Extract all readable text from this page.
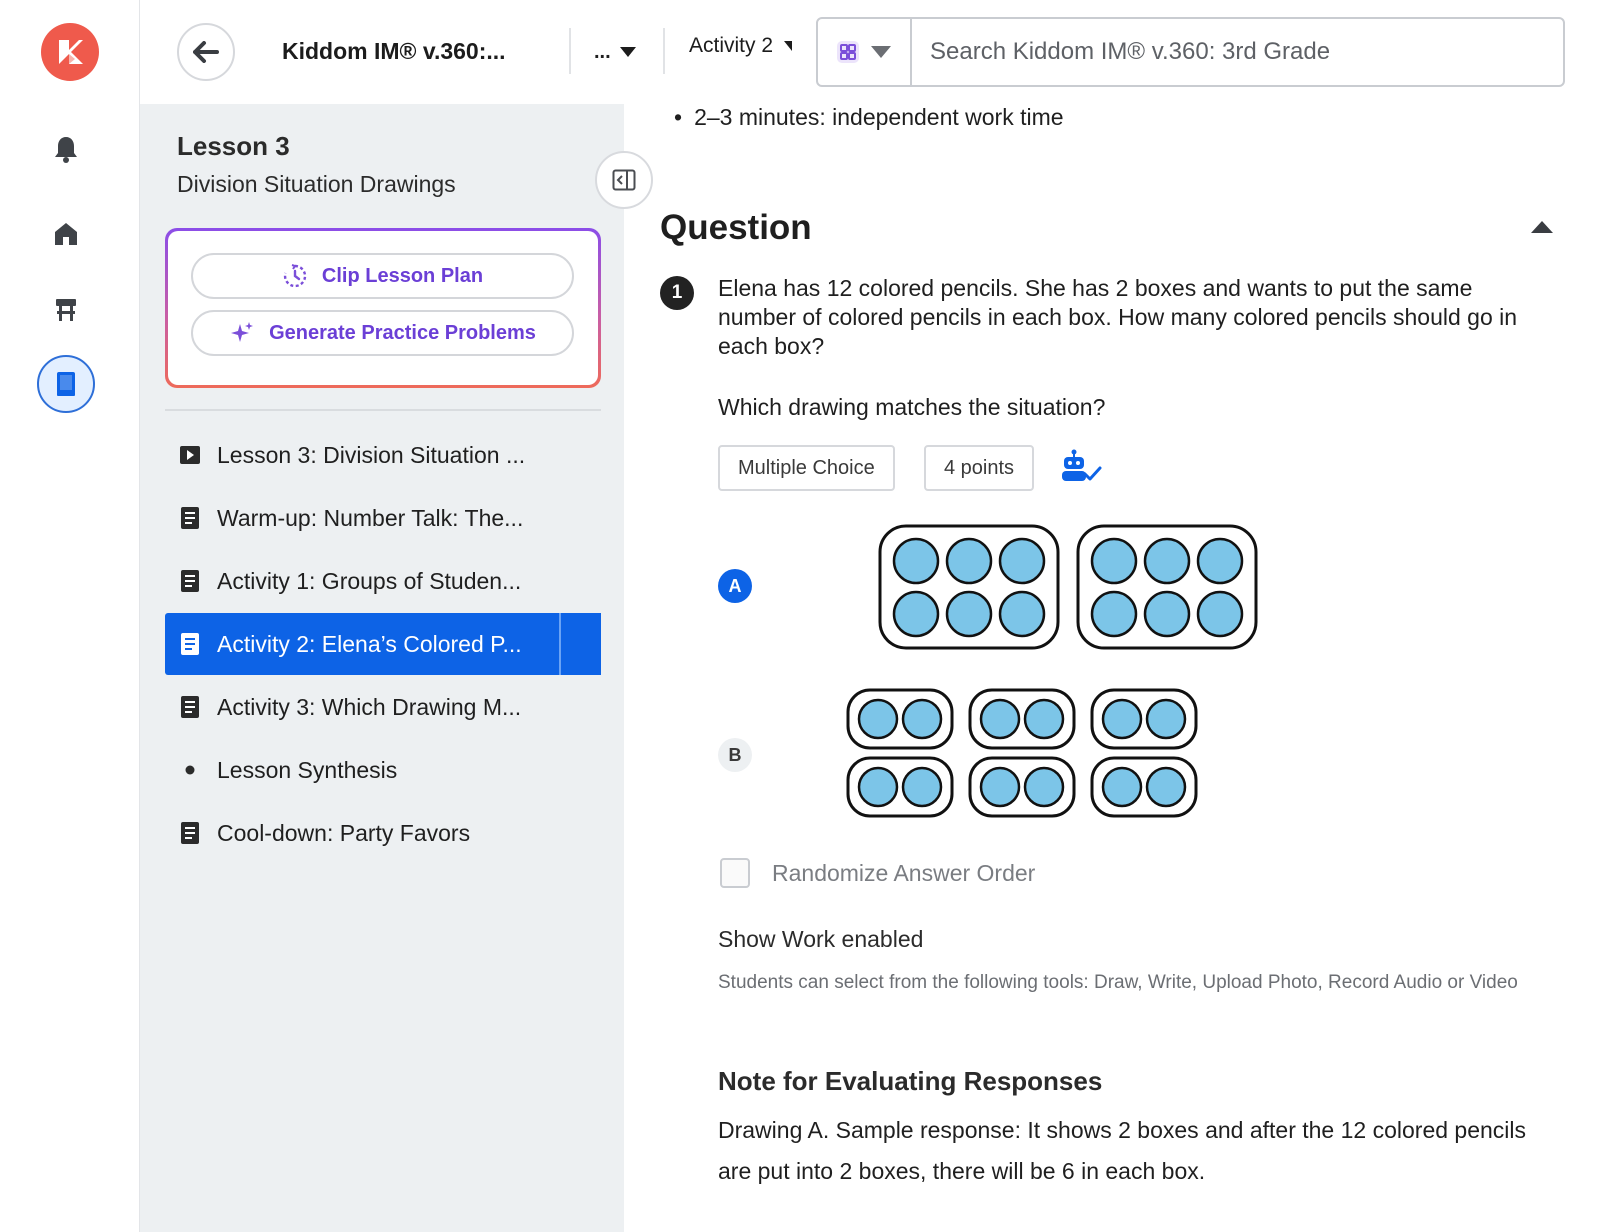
Kiddom IM® v.360:...	...	Activity 2
Search Kiddom IM® v.360: 3rd Grade
Lesson 3
Division Situation Drawings
Clip Lesson Plan
Generate Practice Problems
Lesson 3: Division Situation ...
Warm-up: Number Talk: The...
Activity 1: Groups of Studen...
Activity 2: Elena’s Colored P...
Activity 3: Which Drawing M...
Lesson Synthesis
Cool-down: Party Favors
• 2–3 minutes: independent work time
Question
1	Elena has 12 colored pencils. She has 2 boxes and wants to put the same number of colored pencils in each box. How many colored pencils should go in each box?
Which drawing matches the situation?
Multiple Choice	4 points
A
B
Randomize Answer Order
Show Work enabled
Students can select from the following tools: Draw, Write, Upload Photo, Record Audio or Video
Note for Evaluating Responses
Drawing A. Sample response: It shows 2 boxes and after the 12 colored pencils are put into 2 boxes, there will be 6 in each box.
